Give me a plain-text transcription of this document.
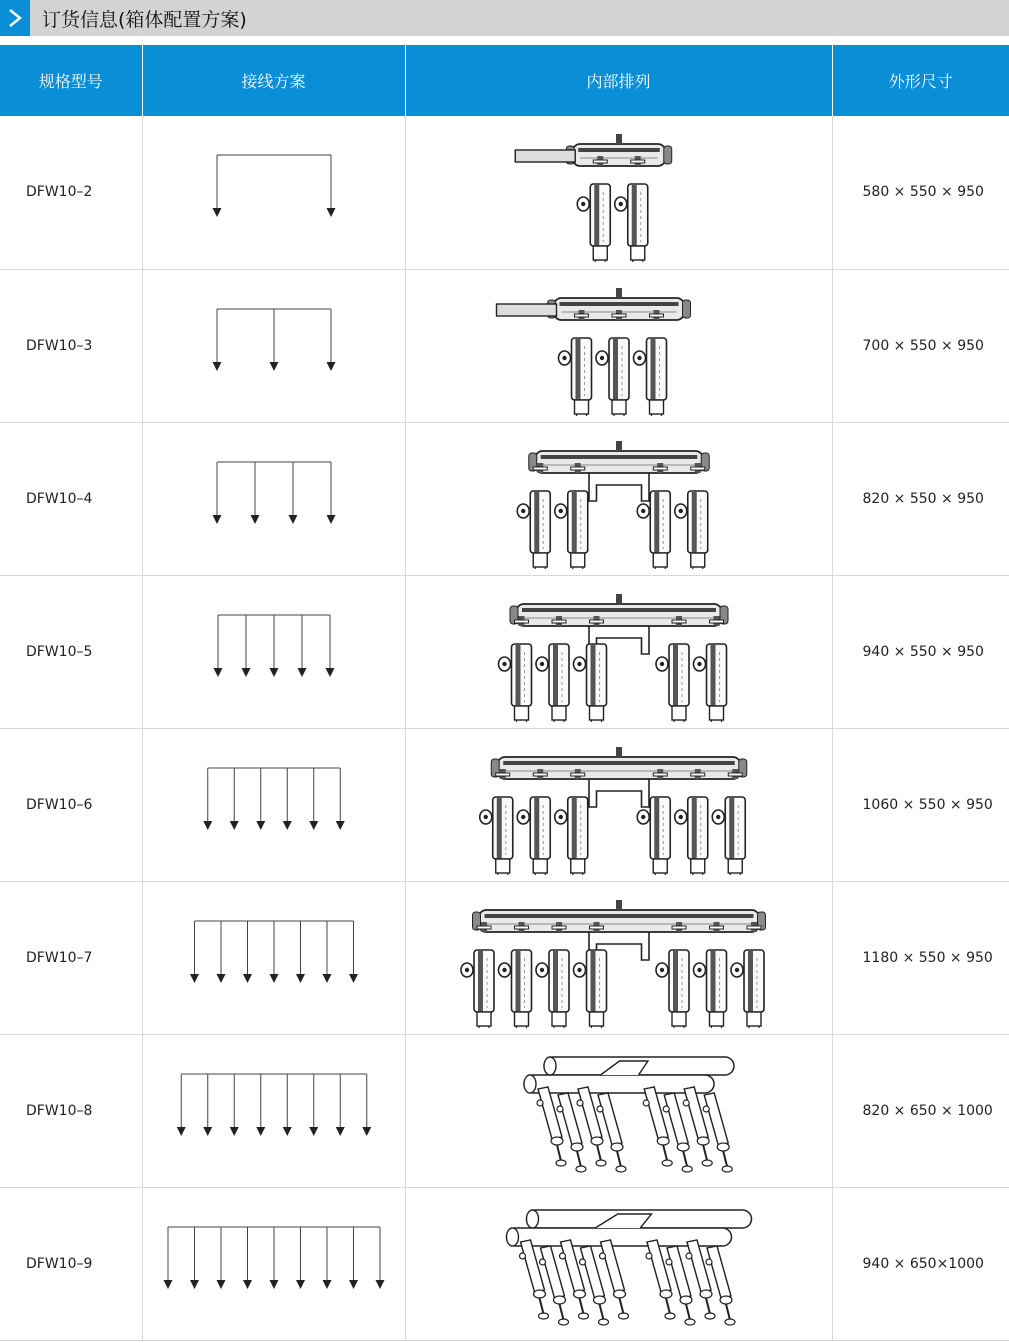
订货信息(箱体配置方案)
规格型号	接线方案	内部排列	外形尺寸
DFW10–2			580 × 550 × 950
DFW10–3			700 × 550 × 950
DFW10–4			820 × 550 × 950
DFW10–5			940 × 550 × 950
DFW10–6			1060 × 550 × 950
DFW10–7			1180 × 550 × 950
DFW10–8			820 × 650 × 1000
DFW10–9			940 × 650×1000
